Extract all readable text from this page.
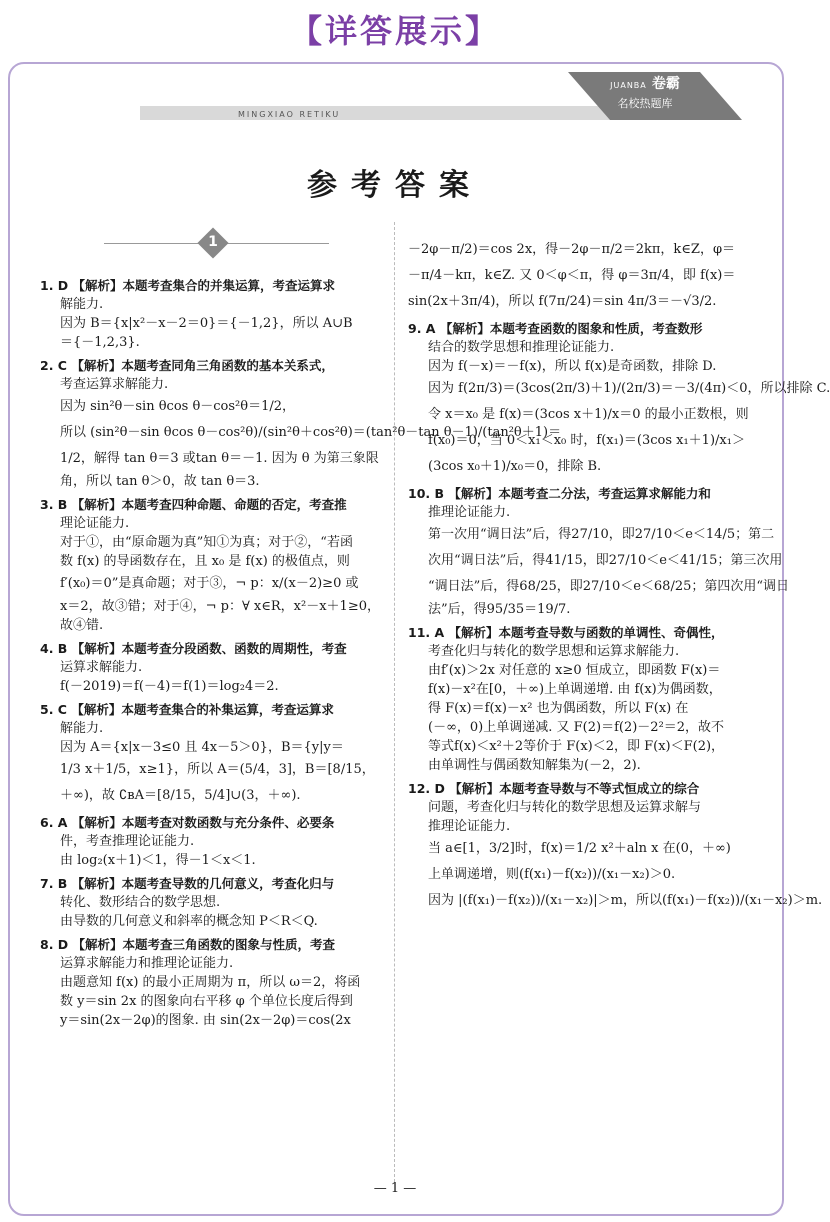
【详答展示】
MINGXIAO RETIKU
JUANBA 卷霸
名校热题库
参考答案
1
1. D 【解析】本题考查集合的并集运算，考查运算求
解能力.
因为 B＝{x|x²－x－2＝0}＝{－1,2}，所以 A∪B
＝{－1,2,3}.
2. C 【解析】本题考查同角三角函数的基本关系式，
考查运算求解能力.
因为 sin²θ－sin θcos θ－cos²θ＝1/2，
所以 (sin²θ－sin θcos θ－cos²θ)/(sin²θ＋cos²θ)＝(tan²θ－tan θ－1)/(tan²θ＋1)＝
1/2，解得 tan θ＝3 或tan θ＝－1. 因为 θ 为第三象限
角，所以 tan θ＞0，故 tan θ＝3.
3. B 【解析】本题考查四种命题、命题的否定，考查推
理论证能力.
对于①，由“原命题为真”知①为真；对于②，“若函
数 f(x) 的导函数存在，且 x₀ 是 f(x) 的极值点，则
f′(x₀)＝0”是真命题；对于③，¬ p：x/(x－2)≥0 或
x＝2，故③错；对于④，¬ p：∀ x∈R，x²－x＋1≥0，
故④错.
4. B 【解析】本题考查分段函数、函数的周期性，考查
运算求解能力.
f(－2019)＝f(－4)＝f(1)＝log₂4＝2.
5. C 【解析】本题考查集合的补集运算，考查运算求
解能力.
因为 A＝{x|x－3≤0 且 4x－5＞0}，B＝{y|y＝
1/3 x＋1/5，x≥1}，所以 A＝(5/4，3]，B＝[8/15，
＋∞)，故 ∁ʙA＝[8/15，5/4]∪(3，＋∞).
6. A 【解析】本题考查对数函数与充分条件、必要条
件，考查推理论证能力.
由 log₂(x＋1)＜1，得－1＜x＜1.
7. B 【解析】本题考查导数的几何意义，考查化归与
转化、数形结合的数学思想.
由导数的几何意义和斜率的概念知 P＜R＜Q.
8. D 【解析】本题考查三角函数的图象与性质，考查
运算求解能力和推理论证能力.
由题意知 f(x) 的最小正周期为 π，所以 ω＝2，将函
数 y＝sin 2x 的图象向右平移 φ 个单位长度后得到
y＝sin(2x－2φ)的图象. 由 sin(2x－2φ)＝cos(2x
－2φ－π/2)＝cos 2x，得－2φ－π/2＝2kπ，k∈Z，φ＝
－π/4－kπ，k∈Z. 又 0＜φ＜π，得 φ＝3π/4，即 f(x)＝
sin(2x＋3π/4)，所以 f(7π/24)＝sin 4π/3＝－√3/2.
9. A 【解析】本题考查函数的图象和性质，考查数形
结合的数学思想和推理论证能力.
因为 f(－x)＝－f(x)，所以 f(x)是奇函数，排除 D.
因为 f(2π/3)＝(3cos(2π/3)＋1)/(2π/3)＝－3/(4π)＜0，所以排除 C.
令 x＝x₀ 是 f(x)＝(3cos x＋1)/x＝0 的最小正数根，则
f(x₀)＝0，当 0＜x₁＜x₀ 时，f(x₁)＝(3cos x₁＋1)/x₁＞
(3cos x₀＋1)/x₀＝0，排除 B.
10. B 【解析】本题考查二分法，考查运算求解能力和
推理论证能力.
第一次用“调日法”后，得27/10，即27/10＜e＜14/5；第二
次用“调日法”后，得41/15，即27/10＜e＜41/15；第三次用
“调日法”后，得68/25，即27/10＜e＜68/25；第四次用“调日
法”后，得95/35＝19/7.
11. A 【解析】本题考查导数与函数的单调性、奇偶性，
考查化归与转化的数学思想和运算求解能力.
由f′(x)＞2x 对任意的 x≥0 恒成立，即函数 F(x)＝
f(x)－x²在[0，＋∞)上单调递增. 由 f(x)为偶函数，
得 F(x)＝f(x)－x² 也为偶函数，所以 F(x) 在
(－∞，0)上单调递减. 又 F(2)＝f(2)－2²＝2，故不
等式f(x)＜x²＋2等价于 F(x)＜2，即 F(x)＜F(2)，
由单调性与偶函数知解集为(－2，2).
12. D 【解析】本题考查导数与不等式恒成立的综合
问题，考查化归与转化的数学思想及运算求解与
推理论证能力.
当 a∈[1，3/2]时，f(x)＝1/2 x²＋aln x 在(0，＋∞)
上单调递增，则(f(x₁)－f(x₂))/(x₁－x₂)＞0.
因为 |(f(x₁)－f(x₂))/(x₁－x₂)|＞m，所以(f(x₁)－f(x₂))/(x₁－x₂)＞m.
— 1 —
